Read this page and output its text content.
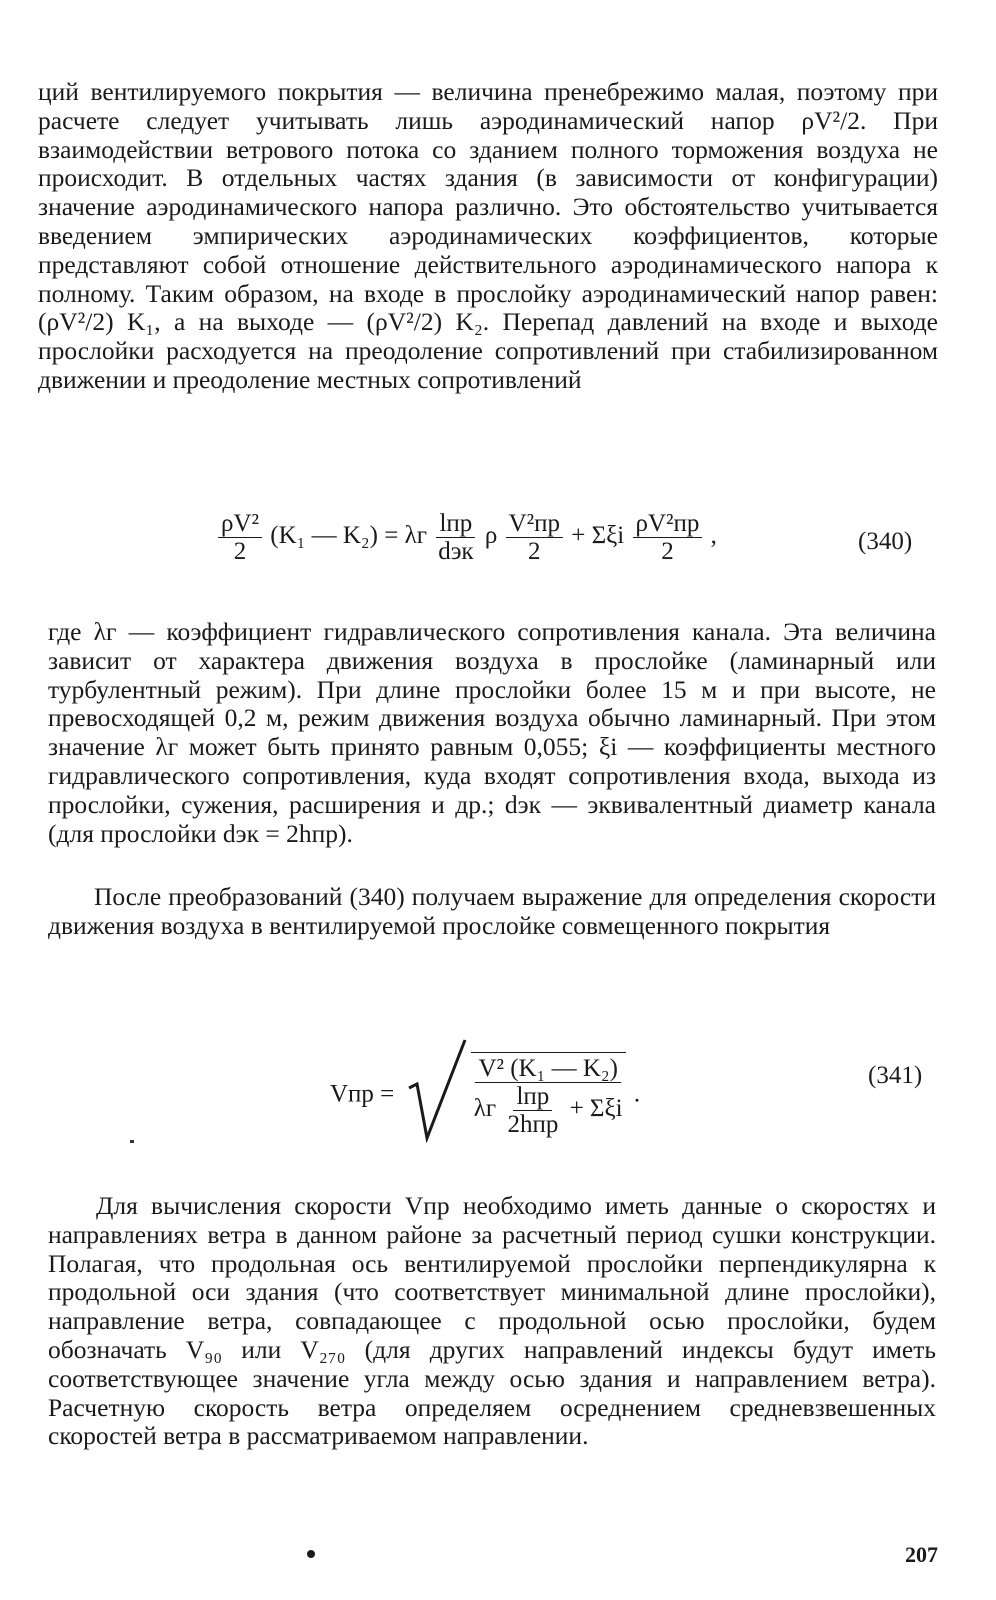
ций вентилируемого покрытия — величина пренебрежимо малая, поэтому при расчете следует учитывать лишь аэродинамический напор ρV²/2. При взаимодействии ветрового потока со зданием полного торможения воздуха не происходит. В отдельных частях здания (в зависимости от конфигурации) значение аэродинамического напора различно. Это обстоятельство учитывается введением эмпирических аэродинамических коэффициентов, которые представляют собой отношение действительного аэродинамического напора к полному. Таким образом, на входе в прослойку аэродинамический напор равен: (ρV²/2) K₁, а на выходе — (ρV²/2) K₂. Перепад давлений на входе и выходе прослойки расходуется на преодоление сопротивлений при стабилизированном движении и преодоление местных сопротивлений
$\frac{\text{ρV²}}{2} (K_1$ — K₂) = λг $\frac{\text{lпр}}{\text{dэк}}$ ρ $\frac{\text{V²пр}}{2} + \Sigma\xi i \frac{\text{ρV²пр}}{2}$ ,	(340)
где λг — коэффициент гидравлического сопротивления канала. Эта величина зависит от характера движения воздуха в прослойке (ламинарный или турбулентный режим). При длине прослойки более 15 м и при высоте, не превосходящей 0,2 м, режим движения воздуха обычно ламинарный. При этом значение λг может быть принято равным 0,055; ξi — коэффициенты местного гидравлического сопротивления, куда входят сопротивления входа, выхода из прослойки, сужения, расширения и др.; dэк — эквивалентный диаметр канала (для прослойки dэк = 2hпр).
После преобразований (340) получаем выражение для определения скорости движения воздуха в вентилируемой прослойке совмещенного покрытия
Vпр =	$\frac{\text{V² (K₁ — K₂)}}{\lambda г \frac{\text{lпр}}{\text{2hпр}} + \Sigma\xi i}$ .
(341)
Для вычисления скорости Vпр необходимо иметь данные о скоростях и направлениях ветра в данном районе за расчетный период сушки конструкции. Полагая, что продольная ось вентилируемой прослойки перпендикулярна к продольной оси здания (что соответствует минимальной длине прослойки), направление ветра, совпадающее с продольной осью прослойки, будем обозначать V₉₀ или V₂₇₀ (для других направлений индексы будут иметь соответствующее значение угла между осью здания и направлением ветра). Расчетную скорость ветра определяем осреднением средневзвешенных скоростей ветра в рассматриваемом направлении.
207
